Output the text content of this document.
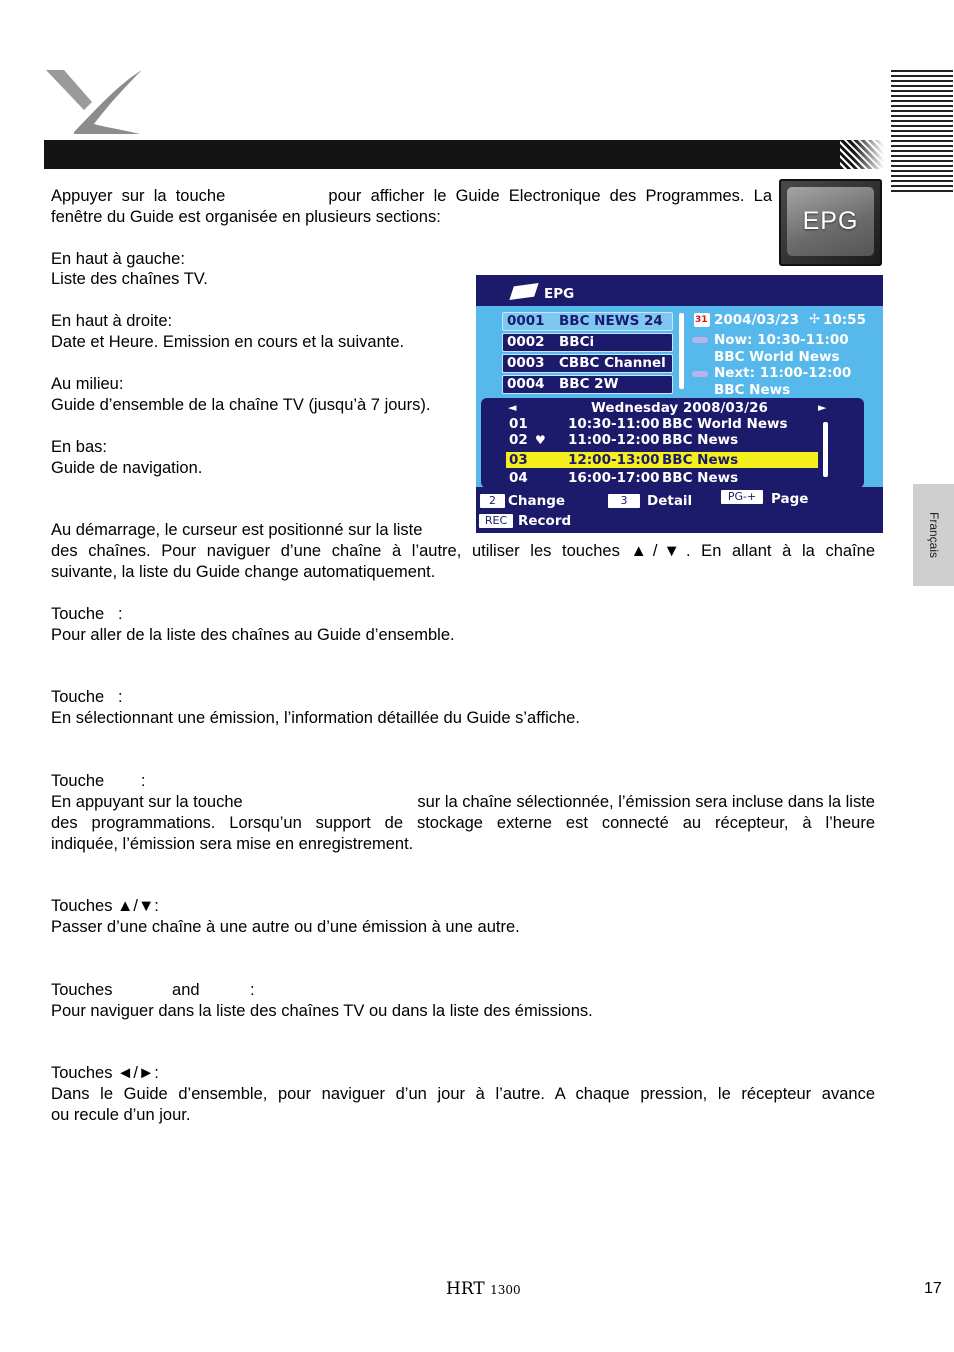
EPG
Français
Appuyer  sur  la  touche	pour  afficher  le  Guide  Electronique  des  Programmes.  La
fenêtre du Guide est organisée en plusieurs sections:
En haut à gauche:
Liste des chaînes TV.
En haut à droite:
Date et Heure. Emission en cours et la suivante.
Au milieu:
Guide d’ensemble de la chaîne TV (jusqu’à 7 jours).
En bas:
Guide de navigation.
Au démarrage, le curseur est positionné sur la liste
des chaînes. Pour naviguer d’une chaîne à l’autre, utiliser les touches ▲/▼. En allant à la chaîne
suivante, la liste du Guide change automatiquement.
Touche   :
Pour aller de la liste des chaînes au Guide d’ensemble.
Touche   :
En sélectionnant une émission, l’information détaillée du Guide s’affiche.
Touche        :
En appuyant sur la touche	sur la chaîne sélectionnée, l’émission sera incluse dans la liste
des programmations. Lorsqu’un support de stockage externe est connecté au récepteur, à l’heure
indiquée, l’émission sera mise en enregistrement.
Touches ▲/▼:
Passer d’une chaîne à une autre ou d’une émission à une autre.
Touches             and           :
Pour naviguer dans la liste des chaînes TV ou dans la liste des émissions.
Touches ◄/►:
Dans le Guide d’ensemble, pour naviguer d’un jour à l’autre. A chaque pression, le récepteur avance
ou recule d’un jour.
EPG
0001 BBC NEWS 24
0002 BBCi
0003 CBBC Channel
0004 BBC 2W
31 2004/03/23 ✢ 10:55
Now: 10:30-11:00
BBC World News
Next: 11:00-12:00
BBC News
◄	Wednesday 2008/03/26	►
01	10:30-11:00 BBC World News
02 ♥ 11:00-12:00 BBC News
03	12:00-13:00 BBC News
04	16:00-17:00 BBC News
2 Change	3	Detail	PG-+	Page
REC Record
HRT 1300	17
